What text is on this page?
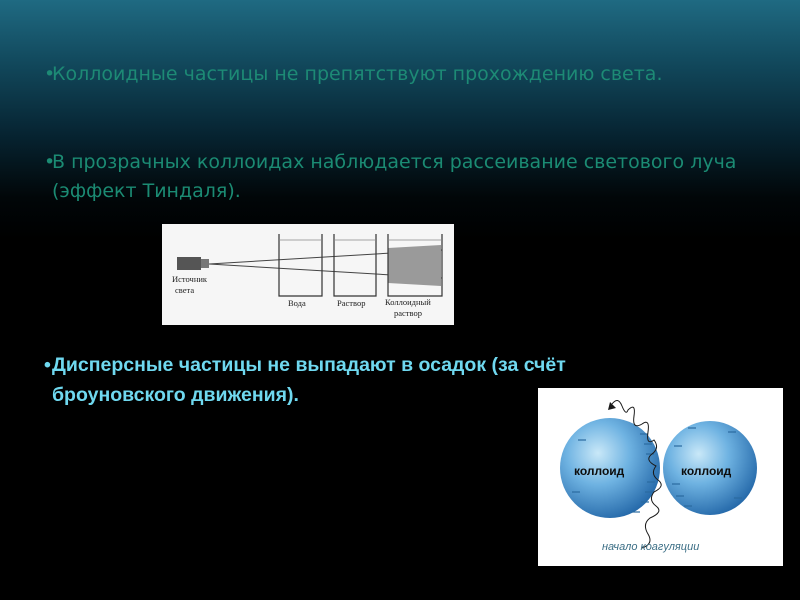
•
Коллоидные частицы не препятствуют прохождению света.

•
В прозрачных коллоидах наблюдается рассеивание светового луча (эффект Тиндаля).

Источник
света
Вода	Раствор Коллоидный
раствор

• Дисперсные частицы не выпадают в осадок (за счёт броуновского движения).

коллоид	коллоид
начало коагуляции
